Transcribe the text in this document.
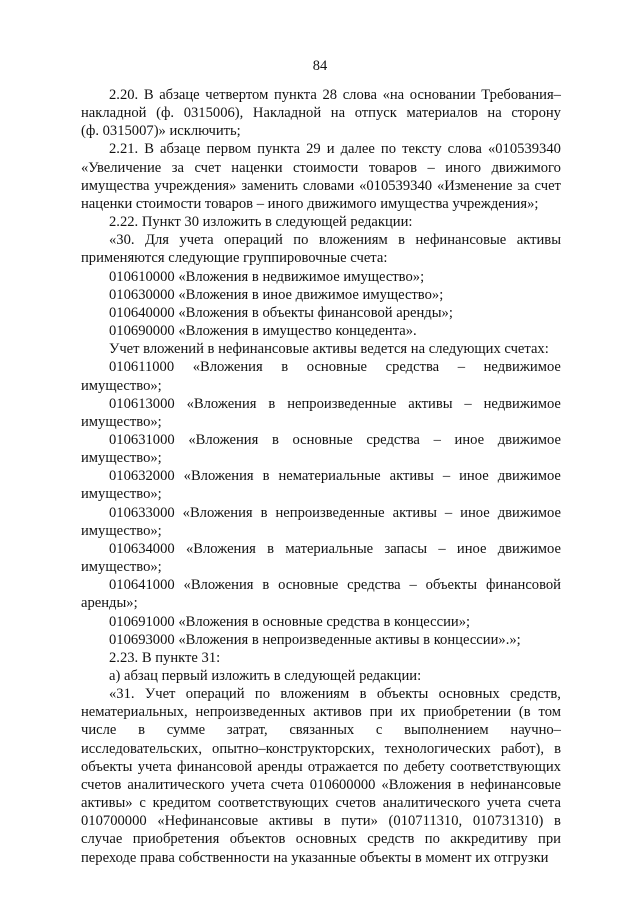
84
2.20. В абзаце четвертом пункта 28 слова «на основании Требования–
накладной (ф. 0315006), Накладной на отпуск материалов на сторону
(ф. 0315007)» исключить;
2.21. В абзаце первом пункта 29 и далее по тексту слова «010539340
«Увеличение за счет наценки стоимости товаров – иного движимого
имущества учреждения» заменить словами «010539340 «Изменение за счет
наценки стоимости товаров – иного движимого имущества учреждения»;
2.22. Пункт 30 изложить в следующей редакции:
«30. Для учета операций по вложениям в нефинансовые активы
применяются следующие группировочные счета:
010610000 «Вложения в недвижимое имущество»;
010630000 «Вложения в иное движимое имущество»;
010640000 «Вложения в объекты финансовой аренды»;
010690000 «Вложения в имущество концедента».
Учет вложений в нефинансовые активы ведется на следующих счетах:
010611000 «Вложения в основные средства – недвижимое
имущество»;
010613000 «Вложения в непроизведенные активы – недвижимое
имущество»;
010631000 «Вложения в основные средства – иное движимое
имущество»;
010632000 «Вложения в нематериальные активы – иное движимое
имущество»;
010633000 «Вложения в непроизведенные активы – иное движимое
имущество»;
010634000 «Вложения в материальные запасы – иное движимое
имущество»;
010641000 «Вложения в основные средства – объекты финансовой
аренды»;
010691000 «Вложения в основные средства в концессии»;
010693000 «Вложения в непроизведенные активы в концессии».»;
2.23. В пункте 31:
а) абзац первый изложить в следующей редакции:
«31. Учет операций по вложениям в объекты основных средств,
нематериальных, непроизведенных активов при их приобретении (в том
числе в сумме затрат, связанных с выполнением научно–
исследовательских, опытно–конструкторских, технологических работ), в
объекты учета финансовой аренды отражается по дебету соответствующих
счетов аналитического учета счета 010600000 «Вложения в нефинансовые
активы» с кредитом соответствующих счетов аналитического учета счета
010700000 «Нефинансовые активы в пути» (010711310, 010731310) в
случае приобретения объектов основных средств по аккредитиву при
переходе права собственности на указанные объекты в момент их отгрузки
